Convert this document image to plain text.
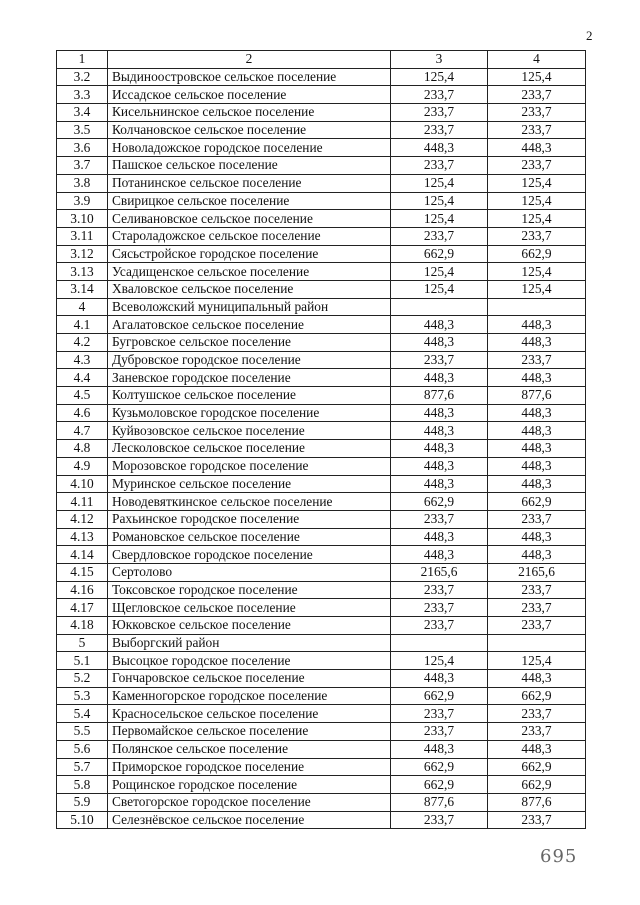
2
1	2	3	4
3.2	Выдиноостровское сельское поселение	125,4	125,4
3.3	Иссадское сельское поселение	233,7	233,7
3.4	Кисельнинское сельское поселение	233,7	233,7
3.5	Колчановское сельское поселение	233,7	233,7
3.6	Новоладожское городское поселение	448,3	448,3
3.7	Пашское сельское поселение	233,7	233,7
3.8	Потанинское сельское поселение	125,4	125,4
3.9	Свирицкое сельское поселение	125,4	125,4
3.10	Селивановское сельское поселение	125,4	125,4
3.11	Староладожское сельское поселение	233,7	233,7
3.12	Сясьстройское городское поселение	662,9	662,9
3.13	Усадищенское сельское поселение	125,4	125,4
3.14	Хваловское сельское поселение	125,4	125,4
4	Всеволожский муниципальный район		
4.1	Агалатовское сельское поселение	448,3	448,3
4.2	Бугровское сельское поселение	448,3	448,3
4.3	Дубровское городское поселение	233,7	233,7
4.4	Заневское городское поселение	448,3	448,3
4.5	Колтушское сельское поселение	877,6	877,6
4.6	Кузьмоловское городское поселение	448,3	448,3
4.7	Куйвозовское сельское поселение	448,3	448,3
4.8	Лесколовское сельское поселение	448,3	448,3
4.9	Морозовское городское поселение	448,3	448,3
4.10	Муринское сельское поселение	448,3	448,3
4.11	Новодевяткинское сельское поселение	662,9	662,9
4.12	Рахьинское городское поселение	233,7	233,7
4.13	Романовское сельское поселение	448,3	448,3
4.14	Свердловское городское поселение	448,3	448,3
4.15	Сертолово	2165,6	2165,6
4.16	Токсовское городское поселение	233,7	233,7
4.17	Щегловское сельское поселение	233,7	233,7
4.18	Юкковское сельское поселение	233,7	233,7
5	Выборгский район		
5.1	Высоцкое городское поселение	125,4	125,4
5.2	Гончаровское сельское поселение	448,3	448,3
5.3	Каменногорское городское поселение	662,9	662,9
5.4	Красносельское сельское поселение	233,7	233,7
5.5	Первомайское сельское поселение	233,7	233,7
5.6	Полянское сельское поселение	448,3	448,3
5.7	Приморское городское поселение	662,9	662,9
5.8	Рощинское городское поселение	662,9	662,9
5.9	Светогорское городское поселение	877,6	877,6
5.10	Селезнёвское сельское поселение	233,7	233,7
695
